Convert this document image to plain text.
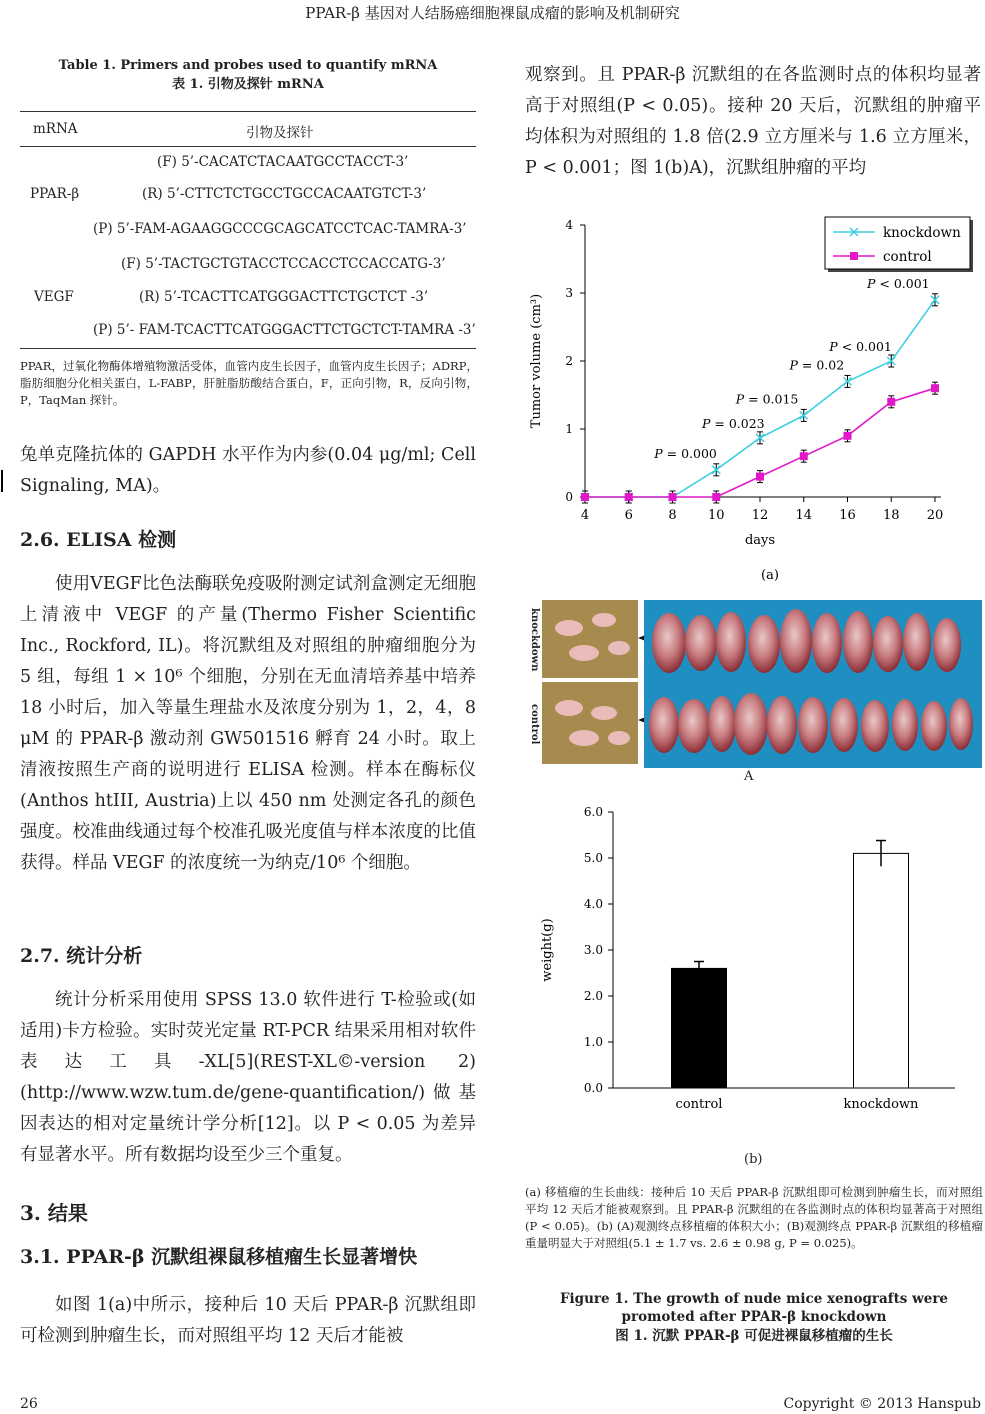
PPAR-β 基因对人结肠癌细胞裸鼠成瘤的影响及机制研究
Table 1. Primers and probes used to quantify mRNA
表 1. 引物及探针 mRNA
mRNA	引物及探针
(F) 5’-CACATCTACAATGCCTACCT-3’
PPAR-β	(R) 5’-CTTCTCTGCCTGCCACAATGTCT-3’
(P) 5’-FAM-AGAAGGCCCGCAGCATCCTCAC-TAMRA-3’
(F) 5’-TACTGCTGTACCTCCACCTCCACCATG-3’
VEGF	(R) 5’-TCACTTCATGGGACTTCTGCTCT -3’
(P) 5’- FAM-TCACTTCATGGGACTTCTGCTCT-TAMRA -3’
PPAR，过氧化物酶体增殖物激活受体，血管内皮生长因子，血管内皮生长因子；ADRP，脂肪细胞分化相关蛋白，L-FABP，肝脏脂肪酸结合蛋白，F，正向引物，R，反向引物，P，TaqMan 探针。
兔单克隆抗体的 GAPDH 水平作为内参(0.04 μg/ml; Cell Signaling, MA)。
2.6. ELISA 检测
使用VEGF比色法酶联免疫吸附测定试剂盒测定无细胞上清液中 VEGF 的产量(Thermo Fisher Scientific Inc., Rockford, IL)。将沉默组及对照组的肿瘤细胞分为 5 组，每组 1 × 10⁶ 个细胞，分别在无血清培养基中培养 18 小时后，加入等量生理盐水及浓度分别为 1，2，4，8 μM 的 PPAR-β 激动剂 GW501516 孵育 24 小时。取上清液按照生产商的说明进行 ELISA 检测。样本在酶标仪(Anthos htIII, Austria)上以 450 nm 处测定各孔的颜色强度。校准曲线通过每个校准孔吸光度值与样本浓度的比值获得。样品 VEGF 的浓度统一为纳克/10⁶ 个细胞。
2.7. 统计分析
统计分析采用使用 SPSS 13.0 软件进行 T-检验或(如适用)卡方检验。实时荧光定量 RT-PCR 结果采用相对软件表达工具-XL[5](REST-XL©-version 2) (http://www.wzw.tum.de/gene-quantification/)做基因表达的相对定量统计学分析[12]。以 P < 0.05 为差异有显著水平。所有数据均设至少三个重复。
3. 结果
3.1. PPAR-β 沉默组裸鼠移植瘤生长显著增快
如图 1(a)中所示，接种后 10 天后 PPAR-β 沉默组即可检测到肿瘤生长，而对照组平均 12 天后才能被
观察到。且 PPAR-β 沉默组的在各监测时点的体积均显著高于对照组(P < 0.05)。接种 20 天后，沉默组的肿瘤平均体积为对照组的 1.8 倍(2.9 立方厘米与 1.6 立方厘米，P < 0.001；图 1(b)A)，沉默组肿瘤的平均
0
1
2
3
4
4	6	8 10 12 14 16 18 20
days
Tumor volume (cm³)
(a)
P = 0.000
P = 0.023
P = 0.015
P = 0.02
P < 0.001
P < 0.001
knockdown
control
knockdown
control
A
0.0
1.0
2.0
3.0
4.0
5.0
6.0
weight(g)
control	knockdown
(b)
(a) 移植瘤的生长曲线：接种后 10 天后 PPAR-β 沉默组即可检测到肿瘤生长，而对照组平均 12 天后才能被观察到。且 PPAR-β 沉默组的在各监测时点的体积均显著高于对照组(P < 0.05)。(b) (A)观测终点移植瘤的体积大小；(B)观测终点 PPAR-β 沉默组的移植瘤重量明显大于对照组(5.1 ± 1.7 vs. 2.6 ± 0.98 g, P = 0.025)。
Figure 1. The growth of nude mice xenografts were promoted after PPAR-β knockdown
图 1. 沉默 PPAR-β 可促进裸鼠移植瘤的生长
26	Copyright © 2013 Hanspub
